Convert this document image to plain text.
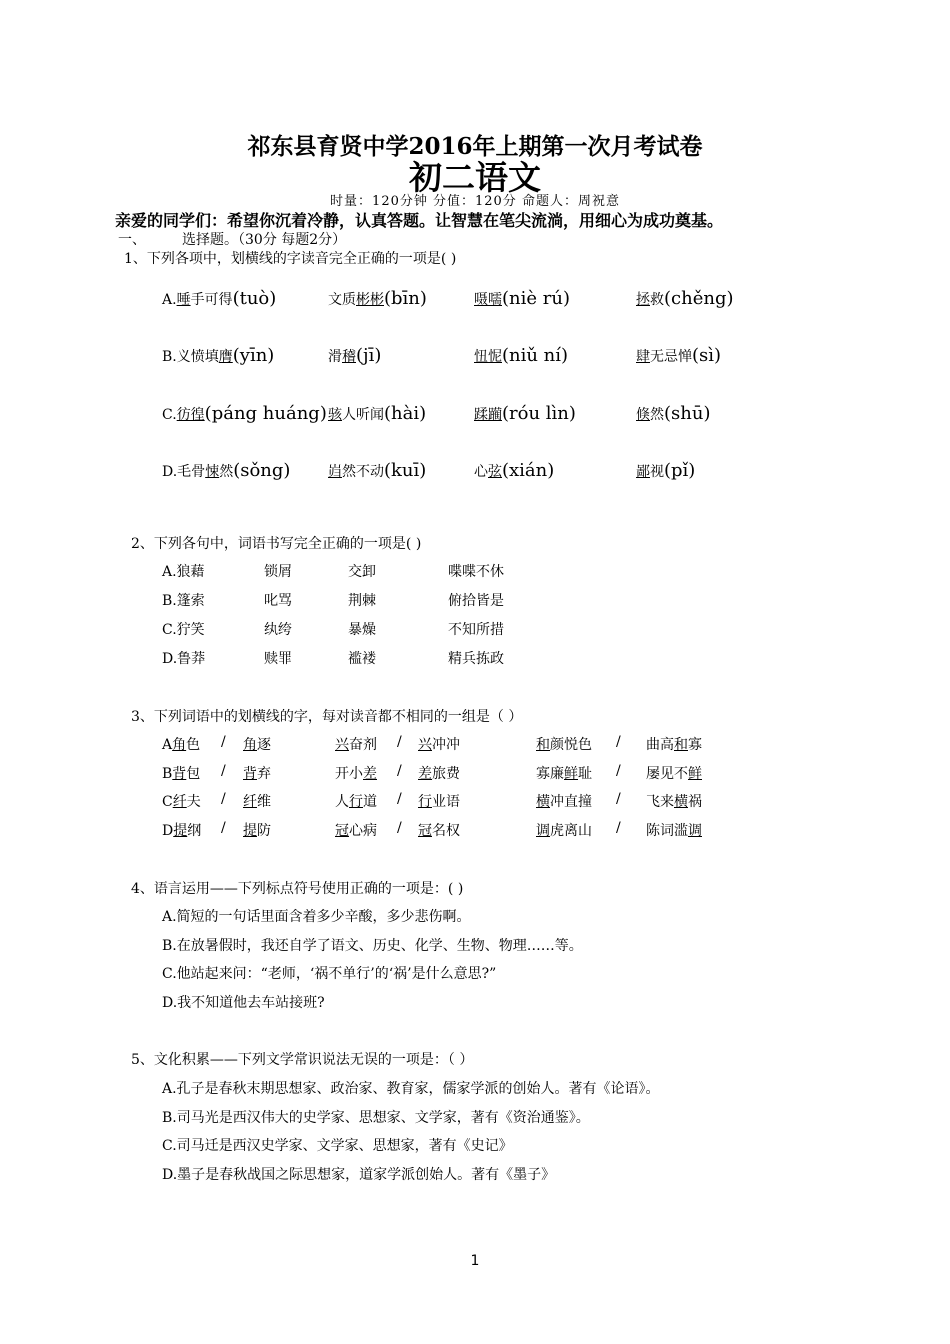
祁东县育贤中学2016年上期第一次月考试卷
初二语文
时量：120分钟 分值：120分 命题人：周祝意
亲爱的同学们：希望你沉着冷静，认真答题。让智慧在笔尖流淌，用细心为成功奠基。
一、	选择题。（30分 每题2分）
1、下列各项中，划横线的字读音完全正确的一项是( )
A.唾手可得(tuò)	文质彬彬(bīn)	嗫嚅(niè rú)	拯救(chěng)
B.义愤填膺(yīn)	滑稽(jī)	忸怩(niǔ ní)	肆无忌惮(sì)
C.彷徨(páng huáng) 骇人听闻(hài)	蹂躏(róu lìn)	倏然(shū)
D.毛骨悚然(sǒng)	岿然不动(kuī)	心弦(xián)	鄙视(pǐ)
2、下列各句中，词语书写完全正确的一项是( )
A.狼藉	锁屑	交卸	喋喋不休
B.篷索	叱骂	荆棘	俯拾皆是
C.狞笑	纨绔	暴燥	不知所措
D.鲁莽	赎罪	褴褛	精兵拣政
3、下列词语中的划横线的字，每对读音都不相同的一组是（ ）
A角色 / 角逐	兴奋剂 / 兴冲冲	和颜悦色 / 曲高和寡
B背包 / 背弃	开小差 / 差旅费	寡廉鲜耻 / 屡见不鲜
C纤夫 / 纤维	人行道 / 行业语	横冲直撞 / 飞来横祸
D提纲 / 提防	冠心病 / 冠名权	调虎离山 / 陈词滥调
4、语言运用——下列标点符号使用正确的一项是：( )
A.简短的一句话里面含着多少辛酸，多少悲伤啊。
B.在放暑假时，我还自学了语文、历史、化学、生物、物理……等。
C.他站起来问：“老师，‘祸不单行’的‘祸’是什么意思?”
D.我不知道他去车站接班?
5、文化积累——下列文学常识说法无误的一项是：（ ）
A.孔子是春秋末期思想家、政治家、教育家，儒家学派的创始人。著有《论语》。
B.司马光是西汉伟大的史学家、思想家、文学家，著有《资治通鉴》。
C.司马迁是西汉史学家、文学家、思想家，著有《史记》
D.墨子是春秋战国之际思想家，道家学派创始人。著有《墨子》
1
